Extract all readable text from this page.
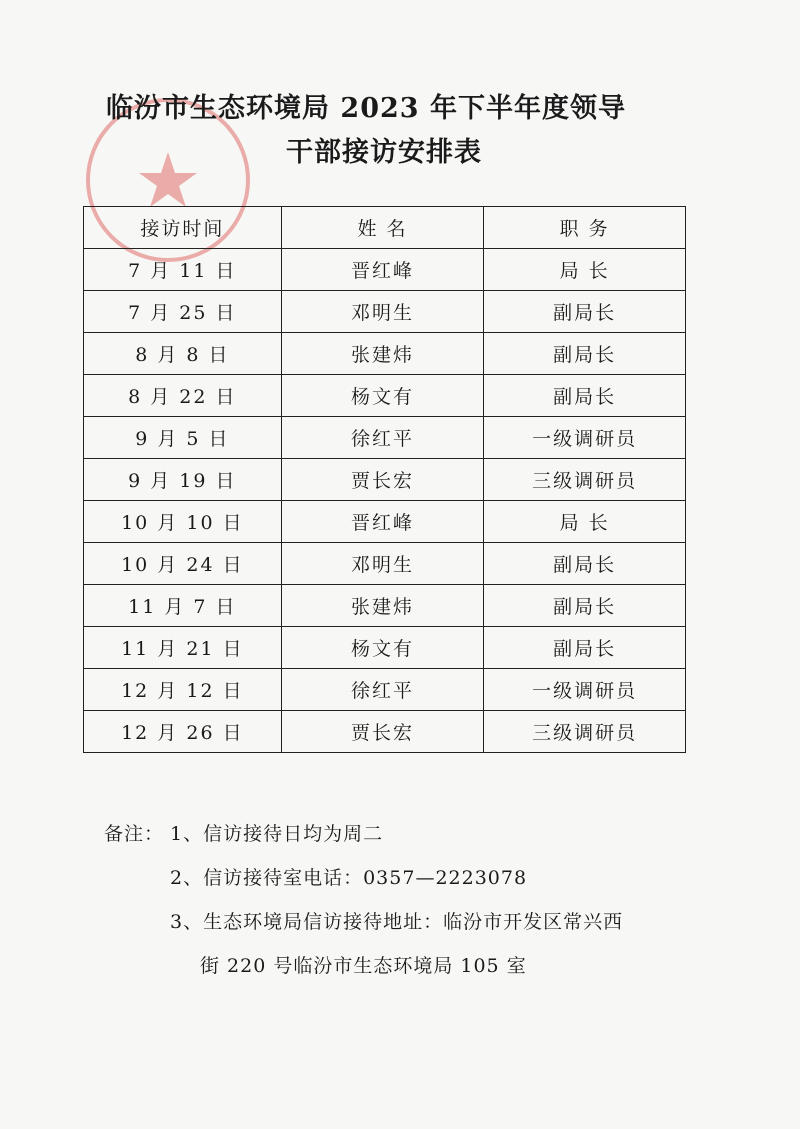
临汾市生态环境局 2023 年下半年度领导
干部接访安排表
接访时间	姓 名	职 务
7 月 11 日	晋红峰	局 长
7 月 25 日	邓明生	副局长
8 月 8 日	张建炜	副局长
8 月 22 日	杨文有	副局长
9 月 5 日	徐红平	一级调研员
9 月 19 日	贾长宏	三级调研员
10 月 10 日	晋红峰	局 长
10 月 24 日	邓明生	副局长
11 月 7 日	张建炜	副局长
11 月 21 日	杨文有	副局长
12 月 12 日	徐红平	一级调研员
12 月 26 日	贾长宏	三级调研员
备注： 1、信访接待日均为周二
2、信访接待室电话：0357—2223078
3、生态环境局信访接待地址：临汾市开发区常兴西
街 220 号临汾市生态环境局 105 室
